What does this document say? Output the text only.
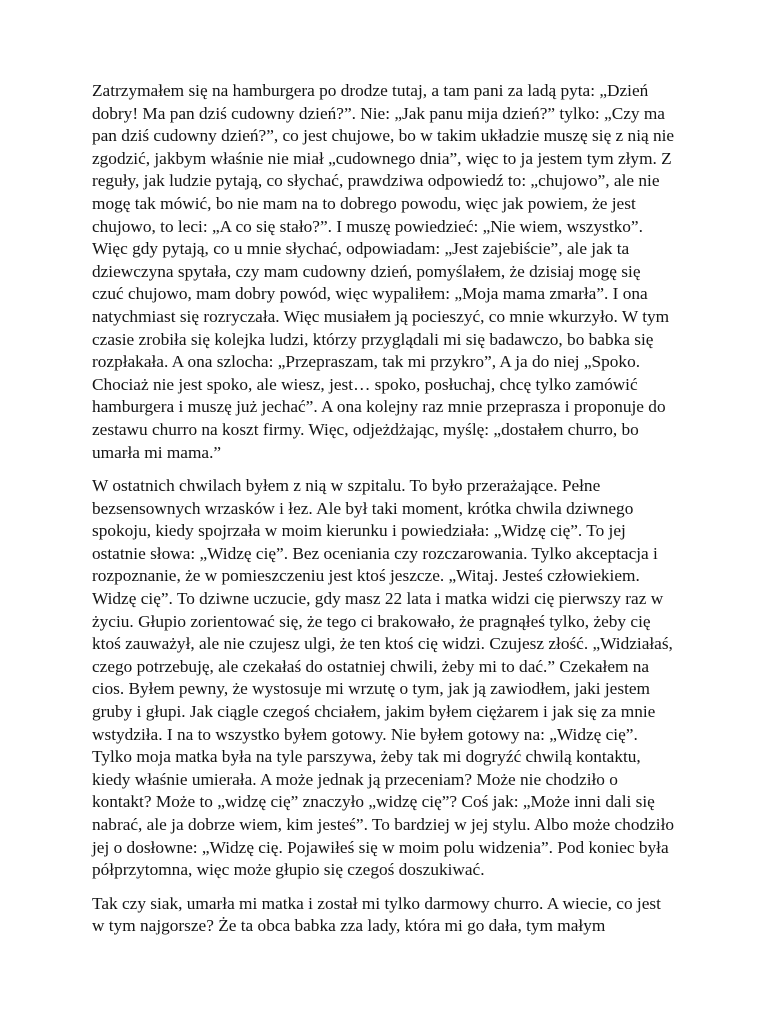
Zatrzymałem się na hamburgera po drodze tutaj, a tam pani za ladą pyta: „Dzień dobry! Ma pan dziś cudowny dzień?”. Nie: „Jak panu mija dzień?” tylko: „Czy ma pan dziś cudowny dzień?”, co jest chujowe, bo w takim układzie muszę się z nią nie zgodzić, jakbym właśnie nie miał „cudownego dnia”, więc to ja jestem tym złym. Z reguły, jak ludzie pytają, co słychać, prawdziwa odpowiedź to: „chujowo”, ale nie mogę tak mówić, bo nie mam na to dobrego powodu, więc jak powiem, że jest chujowo, to leci: „A co się stało?”. I muszę powiedzieć: „Nie wiem, wszystko”. Więc gdy pytają, co u mnie słychać, odpowiadam: „Jest zajebiście”, ale jak ta dziewczyna spytała, czy mam cudowny dzień, pomyślałem, że dzisiaj mogę się czuć chujowo, mam dobry powód, więc wypaliłem: „Moja mama zmarła”. I ona natychmiast się rozryczała. Więc musiałem ją pocieszyć, co mnie wkurzyło. W tym czasie zrobiła się kolejka ludzi, którzy przyglądali mi się badawczo, bo babka się rozpłakała. A ona szlocha: „Przepraszam, tak mi przykro”, A ja do niej „Spoko. Chociaż nie jest spoko, ale wiesz, jest… spoko, posłuchaj, chcę tylko zamówić hamburgera i muszę już jechać”. A ona kolejny raz mnie przeprasza i proponuje do zestawu churro na koszt firmy. Więc, odjeżdżając, myślę: „dostałem churro, bo umarła mi mama.”

W ostatnich chwilach byłem z nią w szpitalu. To było przerażające. Pełne bezsensownych wrzasków i łez. Ale był taki moment, krótka chwila dziwnego spokoju, kiedy spojrzała w moim kierunku i powiedziała: „Widzę cię”. To jej ostatnie słowa: „Widzę cię”. Bez oceniania czy rozczarowania. Tylko akceptacja i rozpoznanie, że w pomieszczeniu jest ktoś jeszcze. „Witaj. Jesteś człowiekiem. Widzę cię”. To dziwne uczucie, gdy masz 22 lata i matka widzi cię pierwszy raz w życiu. Głupio zorientować się, że tego ci brakowało, że pragnąłeś tylko, żeby cię ktoś zauważył, ale nie czujesz ulgi, że ten ktoś cię widzi. Czujesz złość. „Widziałaś, czego potrzebuję, ale czekałaś do ostatniej chwili, żeby mi to dać.” Czekałem na cios. Byłem pewny, że wystosuje mi wrzutę o tym, jak ją zawiodłem, jaki jestem gruby i głupi. Jak ciągle czegoś chciałem, jakim byłem ciężarem i jak się za mnie wstydziła. I na to wszystko byłem gotowy. Nie byłem gotowy na: „Widzę cię”. Tylko moja matka była na tyle parszywa, żeby tak mi dogryźć chwilą kontaktu, kiedy właśnie umierała. A może jednak ją przeceniam? Może nie chodziło o kontakt? Może to „widzę cię” znaczyło „widzę cię”? Coś jak: „Może inni dali się nabrać, ale ja dobrze wiem, kim jesteś”. To bardziej w jej stylu. Albo może chodziło jej o dosłowne: „Widzę cię. Pojawiłeś się w moim polu widzenia”. Pod koniec była półprzytomna, więc może głupio się czegoś doszukiwać.

Tak czy siak, umarła mi matka i został mi tylko darmowy churro. A wiecie, co jest w tym najgorsze? Że ta obca babka zza lady, która mi go dała, tym małym
